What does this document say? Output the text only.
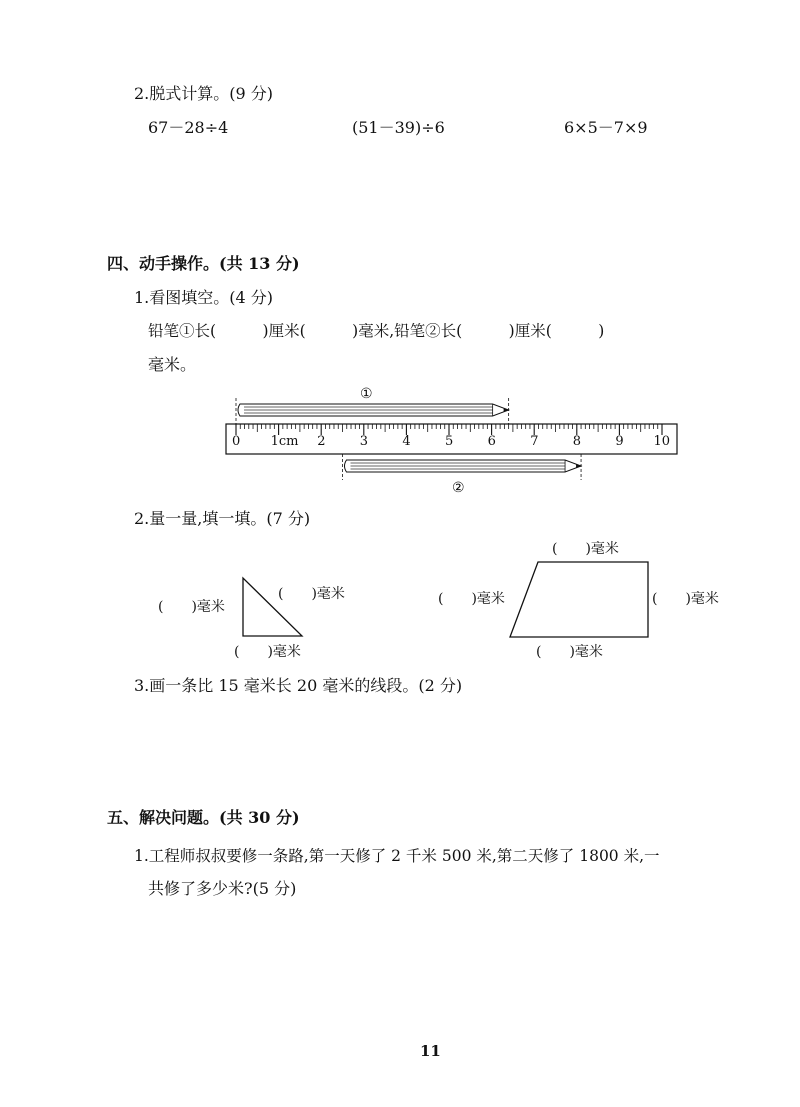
2.脱式计算。(9 分)
67－28÷4	(51－39)÷6	6×5－7×9
四、动手操作。(共 13 分)
1.看图填空。(4 分)
铅笔①长(　　　)厘米(　　　)毫米,铅笔②长(　　　)厘米(　　　)
毫米。
①
②
2.量一量,填一填。(7 分)
(　　)毫米
(　　)毫米
(　　)毫米
(　　)毫米
(　　)毫米	(　　)毫米
(　　)毫米
3.画一条比 15 毫米长 20 毫米的线段。(2 分)
五、解决问题。(共 30 分)
1.工程师叔叔要修一条路,第一天修了 2 千米 500 米,第二天修了 1800 米,一
共修了多少米?(5 分)
11
0 1cm 2	3	4	5	6	7	8	9 10
